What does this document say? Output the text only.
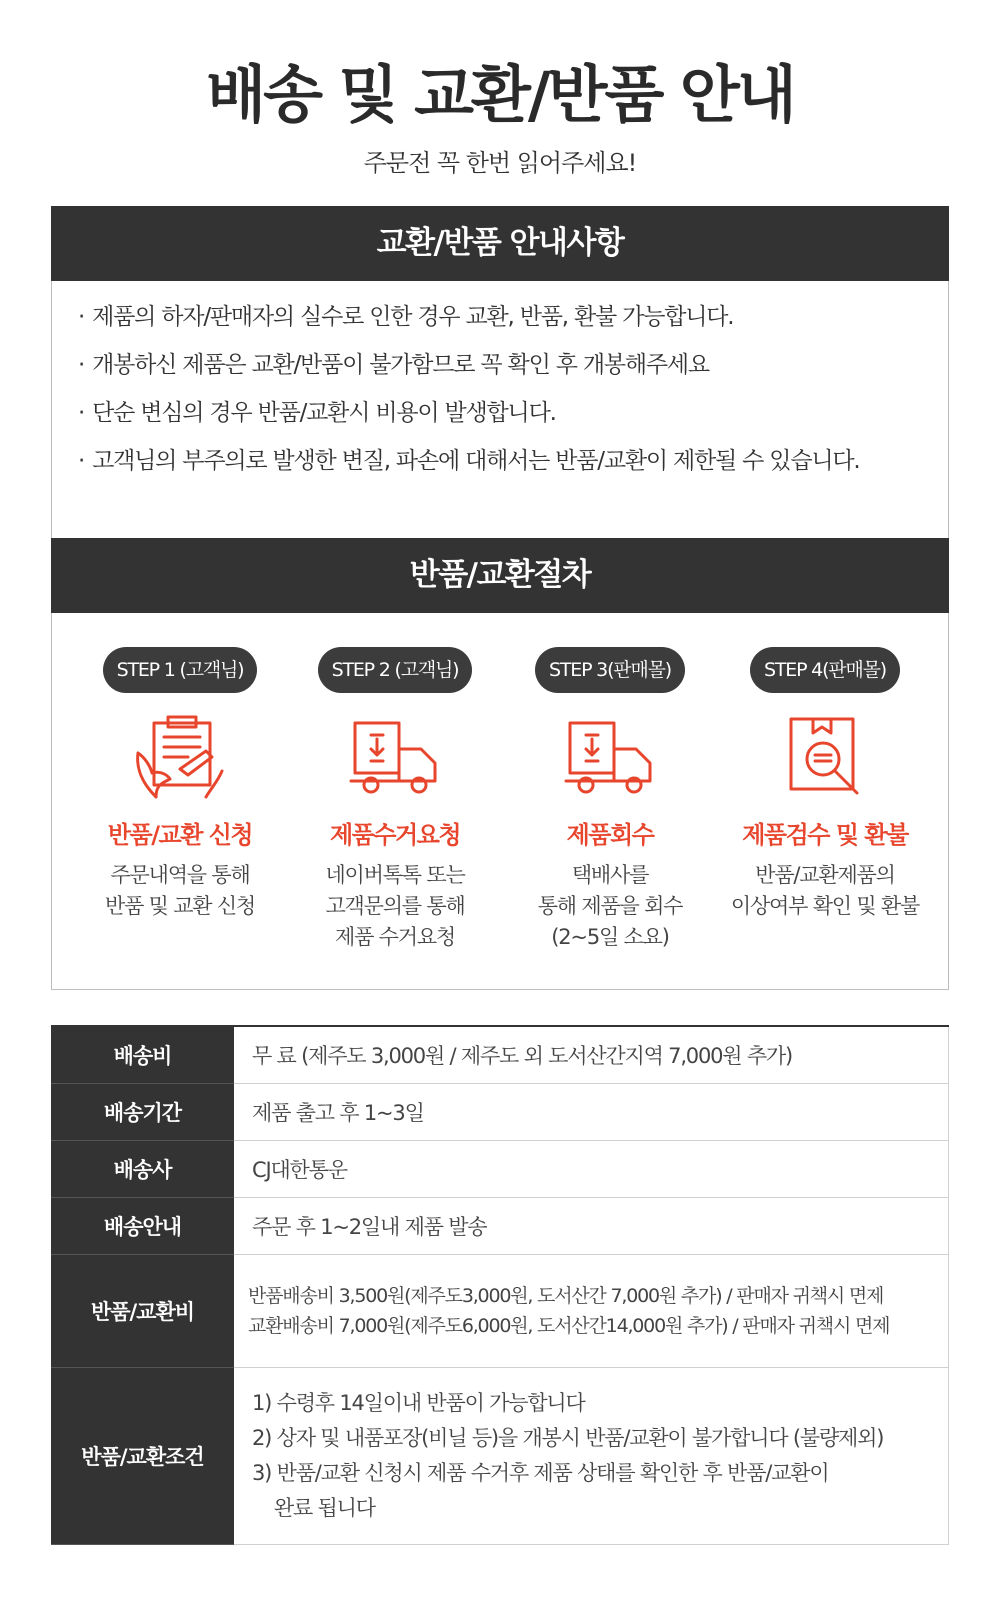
배송 및 교환/반품 안내

주문전 꼭 한번 읽어주세요!

교환/반품 안내사항
· 제품의 하자/판매자의 실수로 인한 경우 교환, 반품, 환불 가능합니다.
· 개봉하신 제품은 교환/반품이 불가함므로 꼭 확인 후 개봉해주세요
· 단순 변심의 경우 반품/교환시 비용이 발생합니다.
· 고객님의 부주의로 발생한 변질, 파손에 대해서는 반품/교환이 제한될 수 있습니다.
반품/교환절차
STEP 1 (고객님)
반품/교환 신청
주문내역을 통해
반품 및 교환 신청
STEP 2 (고객님)
제품수거요청
네이버톡톡 또는
고객문의를 통해
제품 수거요청
STEP 3(판매몰)
제품회수
택배사를
통해 제품을 회수
(2~5일 소요)
STEP 4(판매몰)
제품검수 및 환불
반품/교환제품의
이상여부 확인 및 환불
배송비	무 료 (제주도 3,000원 / 제주도 외 도서산간지역 7,000원 추가)
배송기간	제품 출고 후 1~3일
배송사	CJ대한통운
배송안내	주문 후 1~2일내 제품 발송
반품/교환비	반품배송비 3,500원(제주도3,000원, 도서산간 7,000원 추가) / 판매자 귀책시 면제
교환배송비 7,000원(제주도6,000원, 도서산간14,000원 추가) / 판매자 귀책시 면제

반품/교환조건	1) 수령후 14일이내 반품이 가능합니다
2) 상자 및 내품포장(비닐 등)을 개봉시 반품/교환이 불가합니다 (불량제외)
3) 반품/교환 신청시 제품 수거후 제품 상태를 확인한 후 반품/교환이
완료 됩니다
